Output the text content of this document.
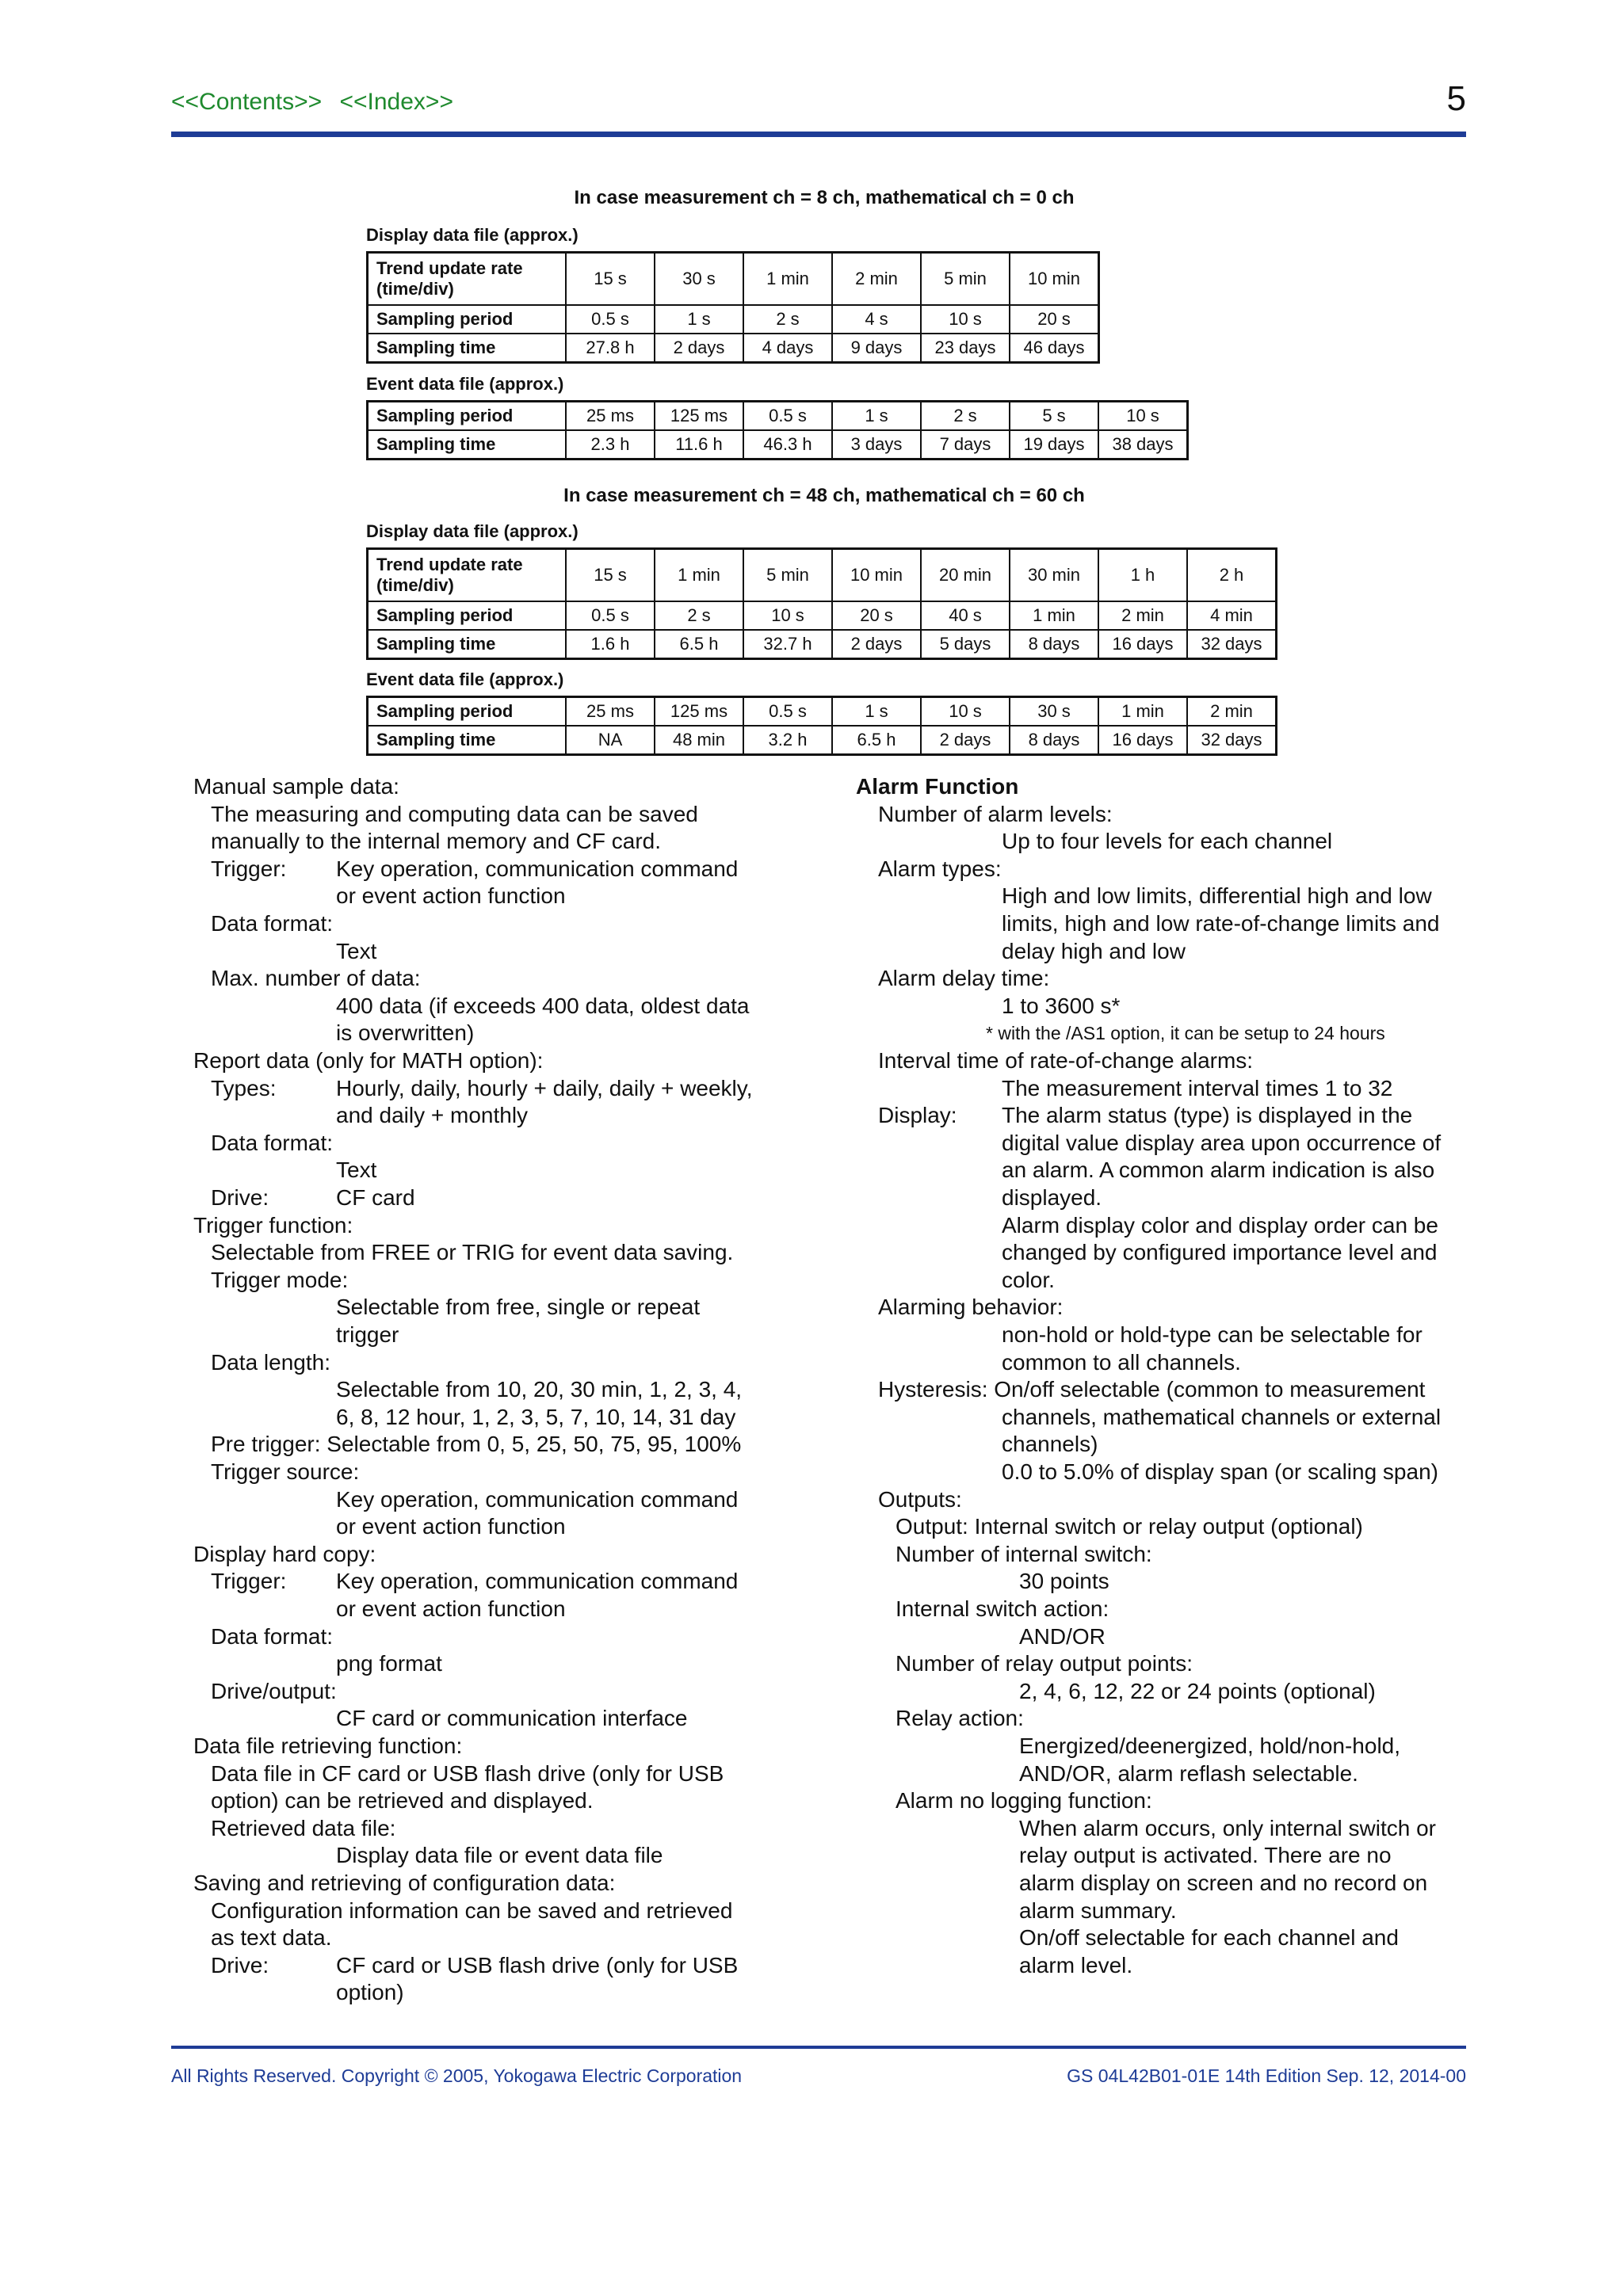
<<Contents>> <<Index>>	5
In case measurement ch = 8 ch, mathematical ch = 0 ch
Display data file (approx.)
Trend update rate (time/div)	15 s	30 s	1 min	2 min	5 min	10 min
Sampling period	0.5 s	1 s	2 s	4 s	10 s	20 s
Sampling time	27.8 h	2 days	4 days	9 days	23 days	46 days
Event data file (approx.)
Sampling period	25 ms	125 ms	0.5 s	1 s	2 s	5 s	10 s
Sampling time	2.3 h	11.6 h	46.3 h	3 days	7 days	19 days	38 days
In case measurement ch = 48 ch, mathematical ch = 60 ch
Display data file (approx.)
Trend update rate (time/div)	15 s	1 min	5 min	10 min	20 min	30 min	1 h	2 h
Sampling period	0.5 s	2 s	10 s	20 s	40 s	1 min	2 min	4 min
Sampling time	1.6 h	6.5 h	32.7 h	2 days	5 days	8 days	16 days	32 days
Event data file (approx.)
Sampling period	25 ms	125 ms	0.5 s	1 s	10 s	30 s	1 min	2 min
Sampling time	NA	48 min	3.2 h	6.5 h	2 days	8 days	16 days	32 days
Manual sample data:
The measuring and computing data can be saved
manually to the internal memory and CF card.
Trigger: Key operation, communication command
or event action function
Data format:
Text
Max. number of data:
400 data (if exceeds 400 data, oldest data
is overwritten)
Report data (only for MATH option):
Types:	Hourly, daily, hourly + daily, daily + weekly,
and daily + monthly
Data format:
Text
Drive:	CF card
Trigger function:
Selectable from FREE or TRIG for event data saving.
Trigger mode:
Selectable from free, single or repeat
trigger
Data length:
Selectable from 10, 20, 30 min, 1, 2, 3, 4,
6, 8, 12 hour, 1, 2, 3, 5, 7, 10, 14, 31 day
Pre trigger: Selectable from 0, 5, 25, 50, 75, 95, 100%
Trigger source:
Key operation, communication command
or event action function
Display hard copy:
Trigger: Key operation, communication command
or event action function
Data format:
png format
Drive/output:
CF card or communication interface
Data file retrieving function:
Data file in CF card or USB flash drive (only for USB
option) can be retrieved and displayed.
Retrieved data file:
Display data file or event data file
Saving and retrieving of configuration data:
Configuration information can be saved and retrieved
as text data.
Drive:	CF card or USB flash drive (only for USB
option)
Alarm Function
Number of alarm levels:
Up to four levels for each channel
Alarm types:
High and low limits, differential high and low
limits, high and low rate-of-change limits and
delay high and low
Alarm delay time:
1 to 3600 s*
* with the /AS1 option, it can be setup to 24 hours
Interval time of rate-of-change alarms:
The measurement interval times 1 to 32
Display: The alarm status (type) is displayed in the
digital value display area upon occurrence of
an alarm. A common alarm indication is also
displayed.
Alarm display color and display order can be
changed by configured importance level and
color.
Alarming behavior:
non-hold or hold-type can be selectable for
common to all channels.
Hysteresis: On/off selectable (common to measurement
channels, mathematical channels or external
channels)
0.0 to 5.0% of display span (or scaling span)
Outputs:
Output: Internal switch or relay output (optional)
Number of internal switch:
30 points
Internal switch action:
AND/OR
Number of relay output points:
2, 4, 6, 12, 22 or 24 points (optional)
Relay action:
Energized/deenergized, hold/non-hold,
AND/OR, alarm reflash selectable.
Alarm no logging function:
When alarm occurs, only internal switch or
relay output is activated. There are no
alarm display on screen and no record on
alarm summary.
On/off selectable for each channel and
alarm level.
All Rights Reserved. Copyright © 2005, Yokogawa Electric Corporation	GS 04L42B01-01E 14th Edition Sep. 12, 2014-00
